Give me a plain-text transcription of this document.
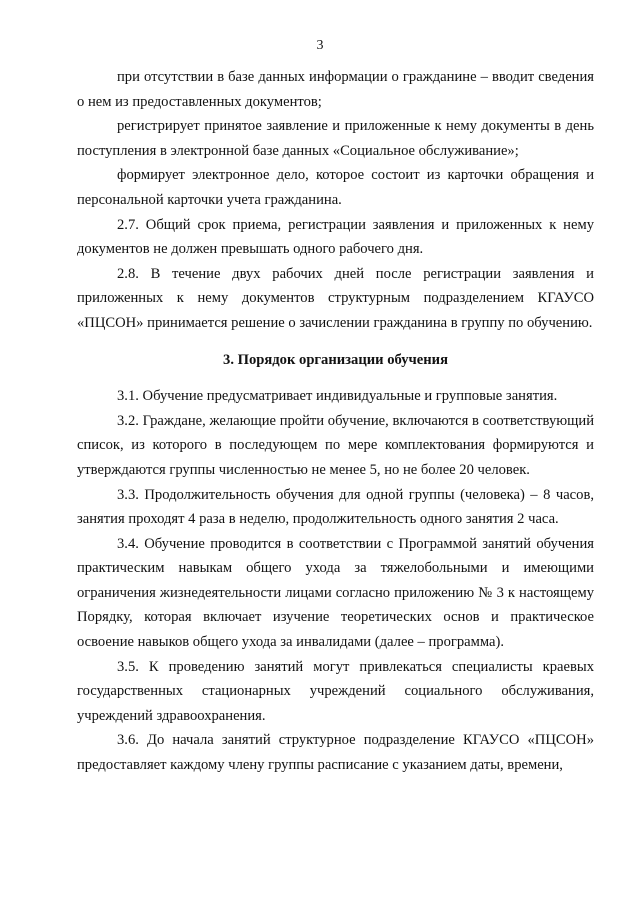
3

при отсутствии в базе данных информации о гражданине – вводит сведения о нем из предоставленных документов;

регистрирует принятое заявление и приложенные к нему документы в день поступления в электронной базе данных «Социальное обслуживание»;

формирует электронное дело, которое состоит из карточки обращения и персональной карточки учета гражданина.

2.7. Общий срок приема, регистрации заявления и приложенных к нему документов не должен превышать одного рабочего дня.

2.8. В течение двух рабочих дней после регистрации заявления и приложенных к нему документов структурным подразделением КГАУСО «ПЦСОН» принимается решение о зачислении гражданина в группу по обучению.

3. Порядок организации обучения

3.1. Обучение предусматривает индивидуальные и групповые занятия.

3.2. Граждане, желающие пройти обучение, включаются в соответствующий список, из которого в последующем по мере комплектования формируются и утверждаются группы численностью не менее 5, но не более 20 человек.

3.3. Продолжительность обучения для одной группы (человека) – 8 часов, занятия проходят 4 раза в неделю, продолжительность одного занятия 2 часа.

3.4. Обучение проводится в соответствии с Программой занятий обучения практическим навыкам общего ухода за тяжелобольными и имеющими ограничения жизнедеятельности лицами согласно приложению № 3 к настоящему Порядку, которая включает изучение теоретических основ и практическое освоение навыков общего ухода за инвалидами (далее – программа).

3.5. К проведению занятий могут привлекаться специалисты краевых государственных стационарных учреждений социального обслуживания, учреждений здравоохранения.

3.6. До начала занятий структурное подразделение КГАУСО «ПЦСОН» предоставляет каждому члену группы расписание с указанием даты, времени,
